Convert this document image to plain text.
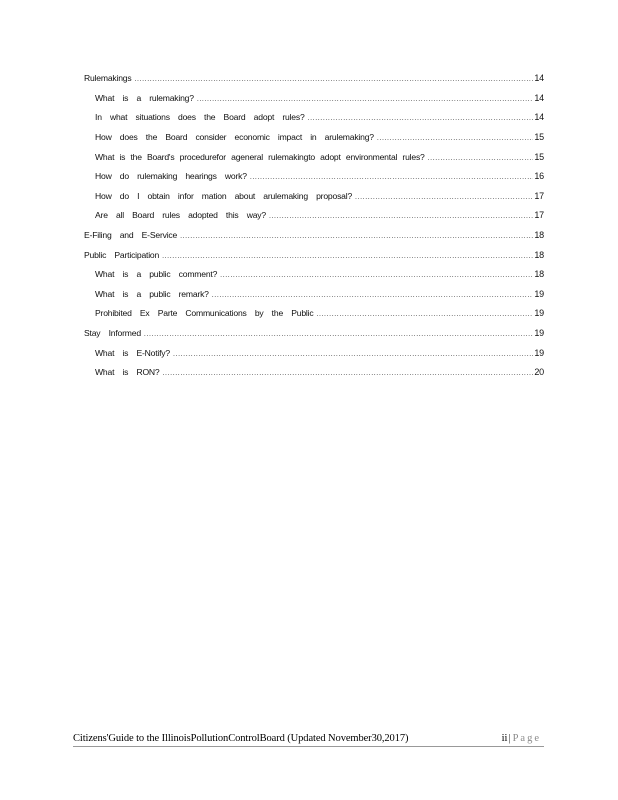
Rulemakings .....	14
What is a rulemaking? .....	14
In what situations does the Board adopt rules? .....	14
How does the Board consider economic impact in arulemaking? .....	15
What is the Board's procedurefor ageneral rulemakingto adopt environmental rules? .....	15
How do rulemaking hearings work? .....	16
How do I obtain infor mation about arulemaking proposal? .....	17
Are all Board rules adopted this way? .....	17
E-Filing and E-Service .....	18
Public Participation .....	18
What is a public comment? .....	18
What is a public remark? .....	19
Prohibited Ex Parte Communications by the Public .....	19
Stay Informed .....	19
What is E-Notify? .....	19
What is RON? .....	20
Citizens'Guide to the IllinoisPollutionControlBoard (Updated November30,2017)	ii| Page
